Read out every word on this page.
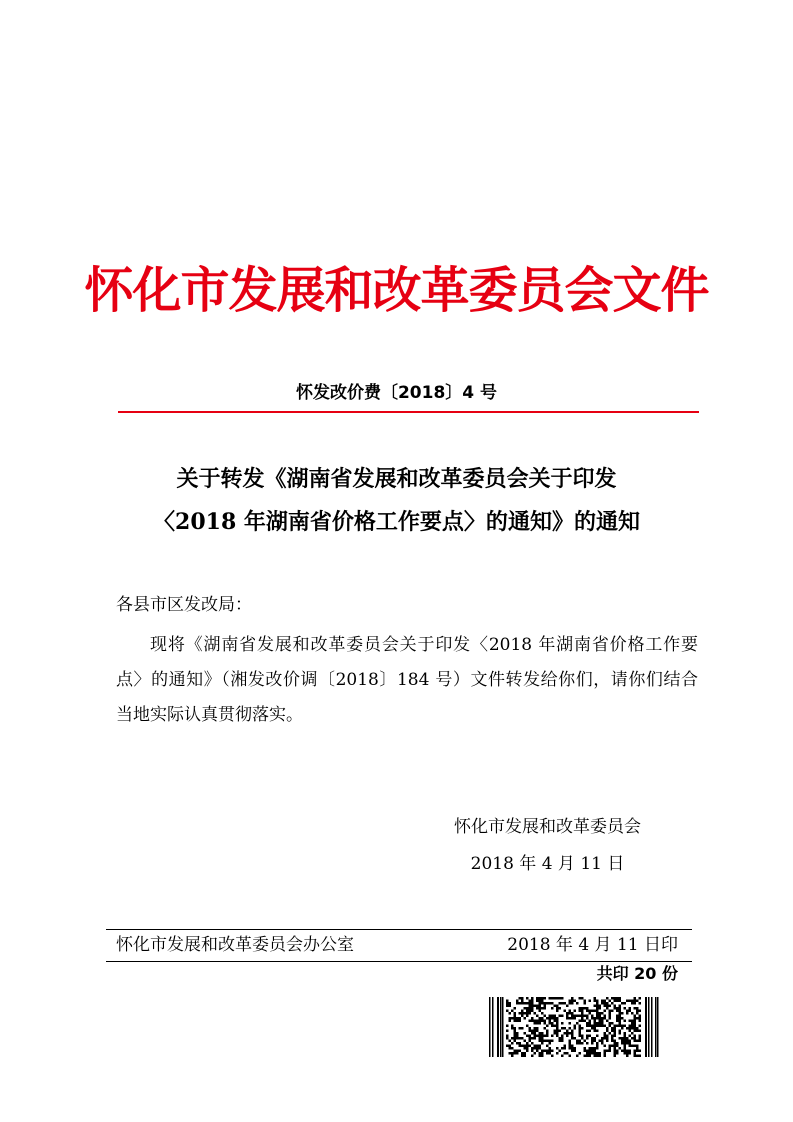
怀化市发展和改革委员会文件
怀发改价费〔2018〕4 号
关于转发《湖南省发展和改革委员会关于印发
〈2018 年湖南省价格工作要点〉的通知》的通知
各县市区发改局：
现将《湖南省发展和改革委员会关于印发〈2018 年湖南省价格工作要点〉的通知》（湘发改价调〔2018〕184 号）文件转发给你们，请你们结合当地实际认真贯彻落实。
怀化市发展和改革委员会
2018 年 4 月 11 日
怀化市发展和改革委员会办公室	2018 年 4 月 11 日印
共印 20 份
